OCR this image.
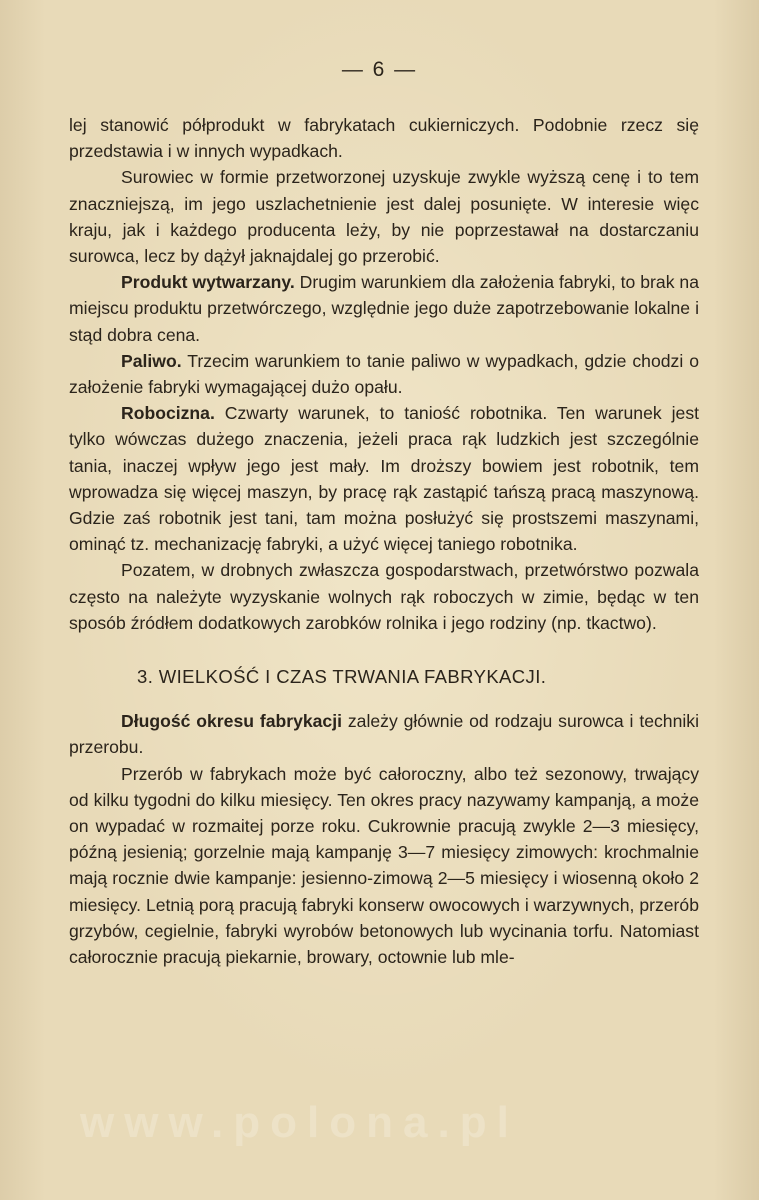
— 6 —

lej stanowić półprodukt w fabrykatach cukierniczych. Podobnie rzecz się przedstawia i w innych wypadkach.

Surowiec w formie przetworzonej uzyskuje zwykle wyższą cenę i to tem znaczniejszą, im jego uszlachetnienie jest dalej posunięte. W interesie więc kraju, jak i każdego producenta leży, by nie poprzestawał na dostarczaniu surowca, lecz by dążył jaknajdalej go przerobić.

Produkt wytwarzany. Drugim warunkiem dla założenia fabryki, to brak na miejscu produktu przetwórczego, względnie jego duże zapotrzebowanie lokalne i stąd dobra cena.

Paliwo. Trzecim warunkiem to tanie paliwo w wypadkach, gdzie chodzi o założenie fabryki wymagającej dużo opału.

Robocizna. Czwarty warunek, to taniość robotnika. Ten warunek jest tylko wówczas dużego znaczenia, jeżeli praca rąk ludzkich jest szczególnie tania, inaczej wpływ jego jest mały. Im droższy bowiem jest robotnik, tem wprowadza się więcej maszyn, by pracę rąk zastąpić tańszą pracą maszynową. Gdzie zaś robotnik jest tani, tam można posłużyć się prostszemi maszynami, ominąć tz. mechanizację fabryki, a użyć więcej taniego robotnika.

Pozatem, w drobnych zwłaszcza gospodarstwach, przetwórstwo pozwala często na należyte wyzyskanie wolnych rąk roboczych w zimie, będąc w ten sposób źródłem dodatkowych zarobków rolnika i jego rodziny (np. tkactwo).

3. WIELKOŚĆ I CZAS TRWANIA FABRYKACJI.

Długość okresu fabrykacji zależy głównie od rodzaju surowca i techniki przerobu.

Przerób w fabrykach może być całoroczny, albo też sezonowy, trwający od kilku tygodni do kilku miesięcy. Ten okres pracy nazywamy kampanją, a może on wypadać w rozmaitej porze roku. Cukrownie pracują zwykle 2—3 miesięcy, późną jesienią; gorzelnie mają kampanję 3—7 miesięcy zimowych: krochmalnie mają rocznie dwie kampanje: jesienno-zimową 2—5 miesięcy i wiosenną około 2 miesięcy. Letnią porą pracują fabryki konserw owocowych i warzywnych, przerób grzybów, cegielnie, fabryki wyrobów betonowych lub wycinania torfu. Natomiast całorocznie pracują piekarnie, browary, octownie lub mle-

www.polona.pl
